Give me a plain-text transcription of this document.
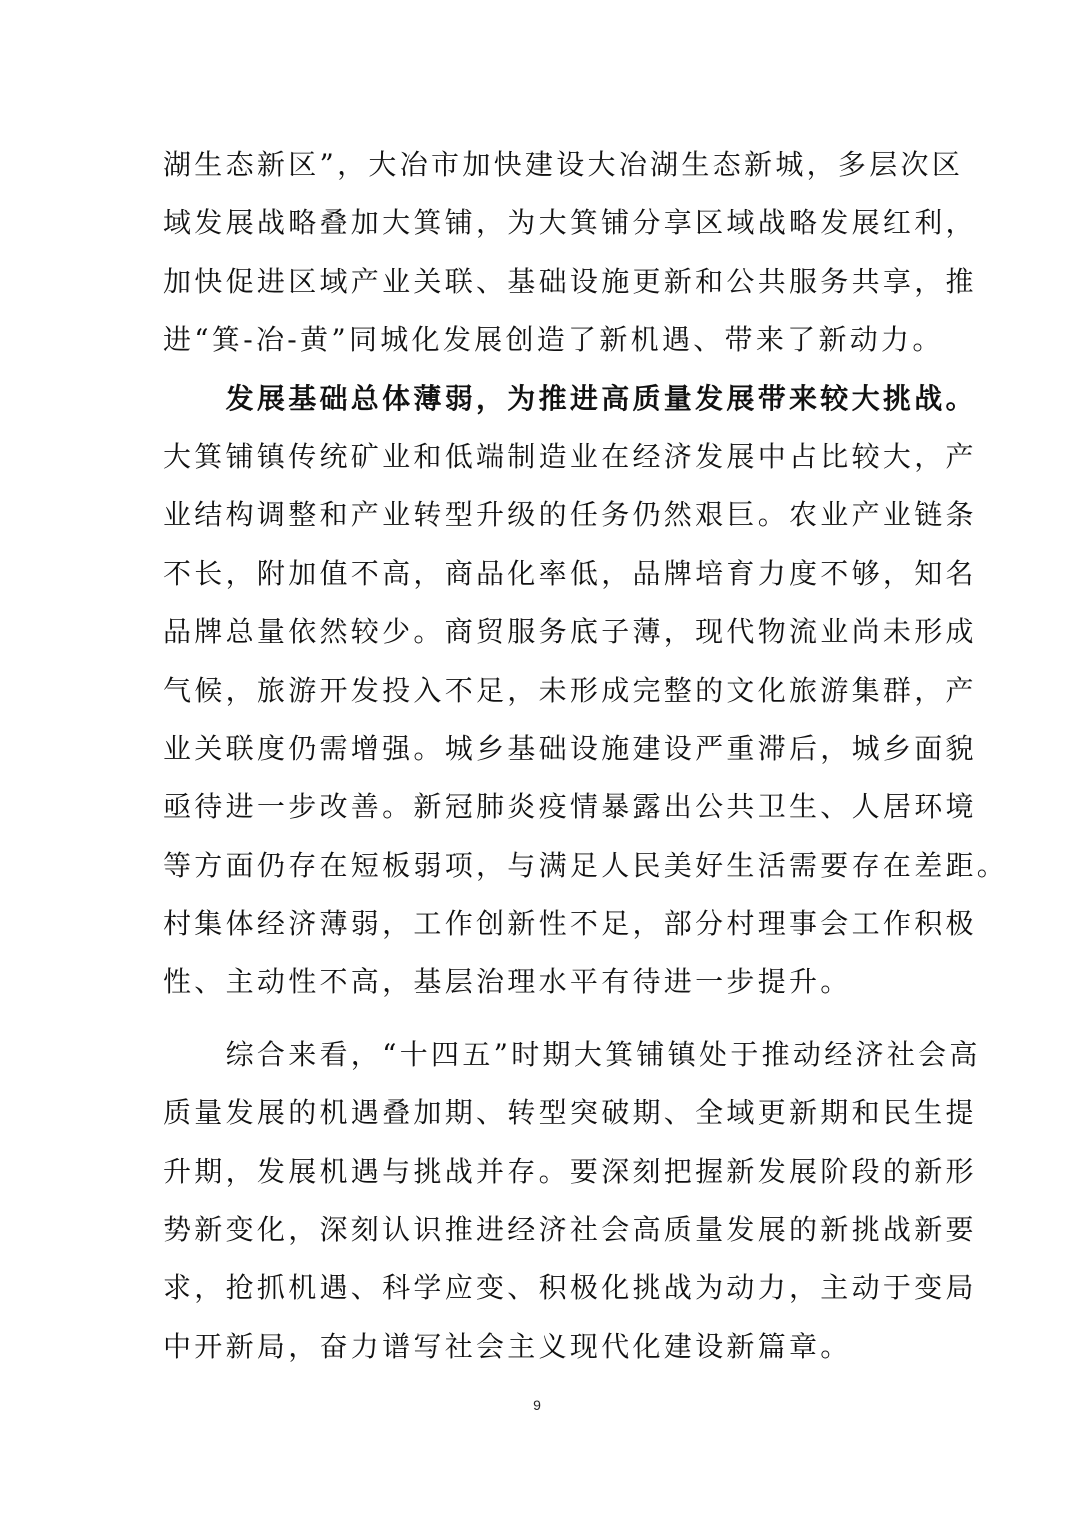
湖生态新区”，大冶市加快建设大冶湖生态新城，多层次区
域发展战略叠加大箕铺，为大箕铺分享区域战略发展红利，
加快促进区域产业关联、基础设施更新和公共服务共享，推
进“箕-冶-黄”同城化发展创造了新机遇、带来了新动力。
　　发展基础总体薄弱，为推进高质量发展带来较大挑战。
大箕铺镇传统矿业和低端制造业在经济发展中占比较大，产
业结构调整和产业转型升级的任务仍然艰巨。农业产业链条
不长，附加值不高，商品化率低，品牌培育力度不够，知名
品牌总量依然较少。商贸服务底子薄，现代物流业尚未形成
气候，旅游开发投入不足，未形成完整的文化旅游集群，产
业关联度仍需增强。城乡基础设施建设严重滞后，城乡面貌
亟待进一步改善。新冠肺炎疫情暴露出公共卫生、人居环境
等方面仍存在短板弱项，与满足人民美好生活需要存在差距。
村集体经济薄弱，工作创新性不足，部分村理事会工作积极
性、主动性不高，基层治理水平有待进一步提升。
　　综合来看，“十四五”时期大箕铺镇处于推动经济社会高
质量发展的机遇叠加期、转型突破期、全域更新期和民生提
升期，发展机遇与挑战并存。要深刻把握新发展阶段的新形
势新变化，深刻认识推进经济社会高质量发展的新挑战新要
求，抢抓机遇、科学应变、积极化挑战为动力，主动于变局
中开新局，奋力谱写社会主义现代化建设新篇章。
9
